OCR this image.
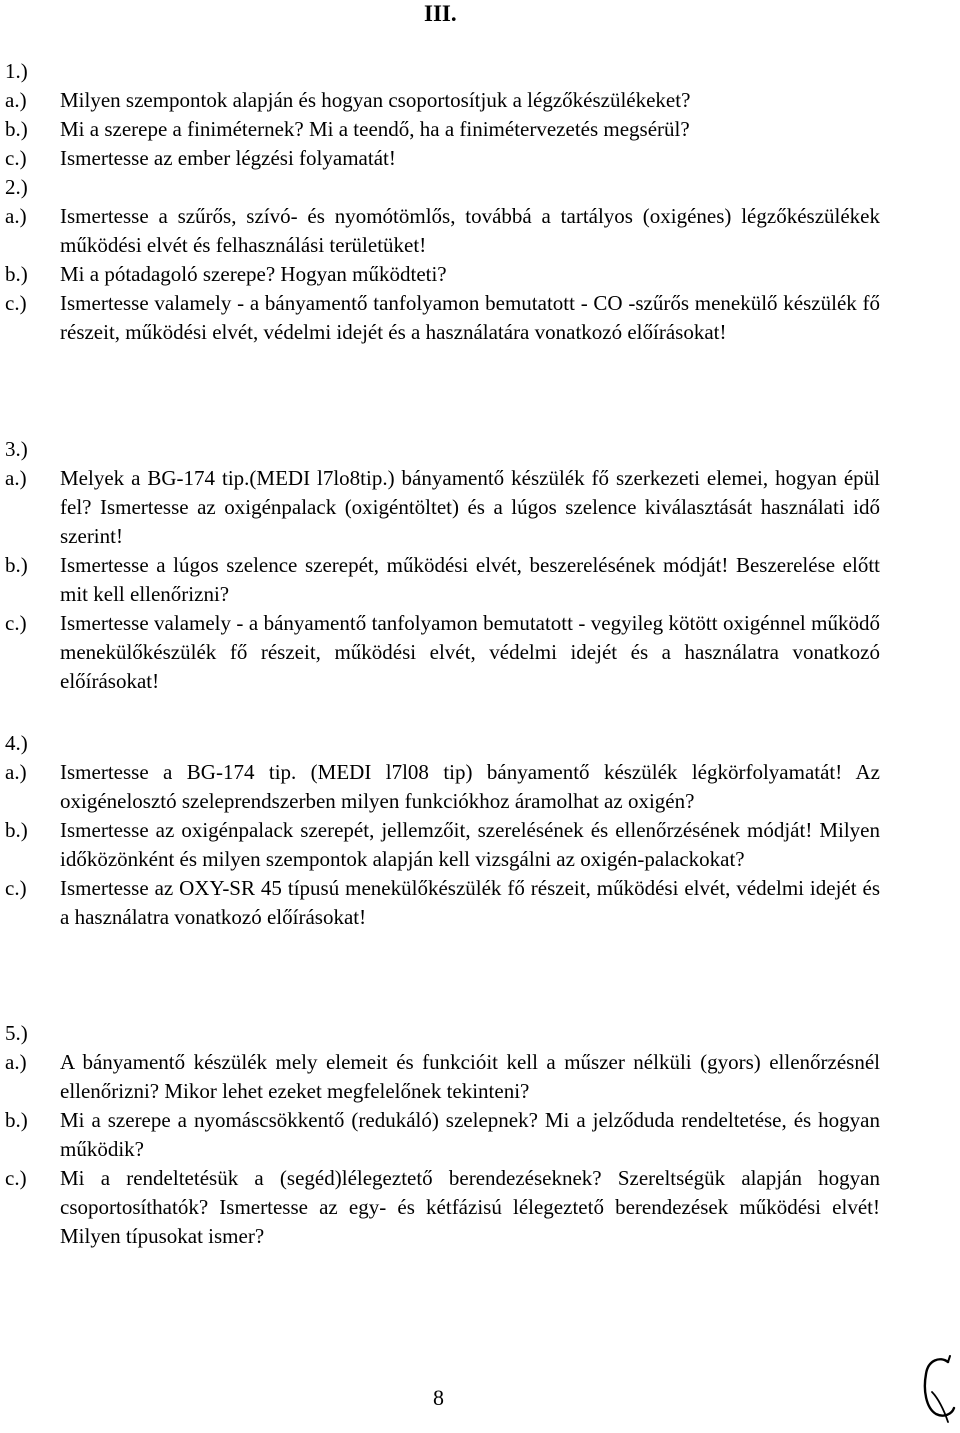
III.
1.)
a.)	Milyen szempontok alapján és hogyan csoportosítjuk a légzőkészülékeket?
b.)	Mi a szerepe a finiméternek? Mi a teendő, ha a finimétervezetés megsérül?
c.)	Ismertesse az ember légzési folyamatát!
2.)
a.)	Ismertesse a szűrős, szívó- és nyomótömlős, továbbá a tartályos (oxigénes) légzőkészülékek működési elvét és felhasználási területüket!
b.)	Mi a pótadagoló szerepe? Hogyan működteti?
c.)	Ismertesse valamely - a bányamentő tanfolyamon bemutatott - CO -szűrős menekülő készülék fő részeit, működési elvét, védelmi idejét és a használatára vonatkozó előírásokat!
3.)
a.)	Melyek a BG-174 tip.(MEDI l7lo8tip.) bányamentő készülék fő szerkezeti elemei, hogyan épül fel? Ismertesse az oxigénpalack (oxigéntöltet) és a lúgos szelence kiválasztását használati idő szerint!
b.)	Ismertesse a lúgos szelence szerepét, működési elvét, beszerelésének módját! Beszerelése előtt mit kell ellenőrizni?
c.)	Ismertesse valamely - a bányamentő tanfolyamon bemutatott - vegyileg kötött oxigénnel működő menekülőkészülék fő részeit, működési elvét, védelmi idejét és a használatra vonatkozó előírásokat!
4.)
a.)	Ismertesse a BG-174 tip. (MEDI l7l08 tip) bányamentő készülék légkörfolyamatát! Az oxigénelosztó szeleprendszerben milyen funkciókhoz áramolhat az oxigén?
b.)	Ismertesse az oxigénpalack szerepét, jellemzőit, szerelésének és ellenőrzésének módját! Milyen időközönként és milyen szempontok alapján kell vizsgálni az oxigén-palackokat?
c.)	Ismertesse az OXY-SR 45 típusú menekülőkészülék fő részeit, működési elvét, védelmi idejét és a használatra vonatkozó előírásokat!
5.)
a.)	A bányamentő készülék mely elemeit és funkcióit kell a műszer nélküli (gyors) ellenőrzésnél ellenőrizni? Mikor lehet ezeket megfelelőnek tekinteni?
b.)	Mi a szerepe a nyomáscsökkentő (redukáló) szelepnek? Mi a jelződuda rendeltetése, és hogyan működik?
c.)	Mi a rendeltetésük a (segéd)lélegeztető berendezéseknek? Szereltségük alapján hogyan csoportosíthatók? Ismertesse az egy- és kétfázisú lélegeztető berendezések működési elvét! Milyen típusokat ismer?
8
